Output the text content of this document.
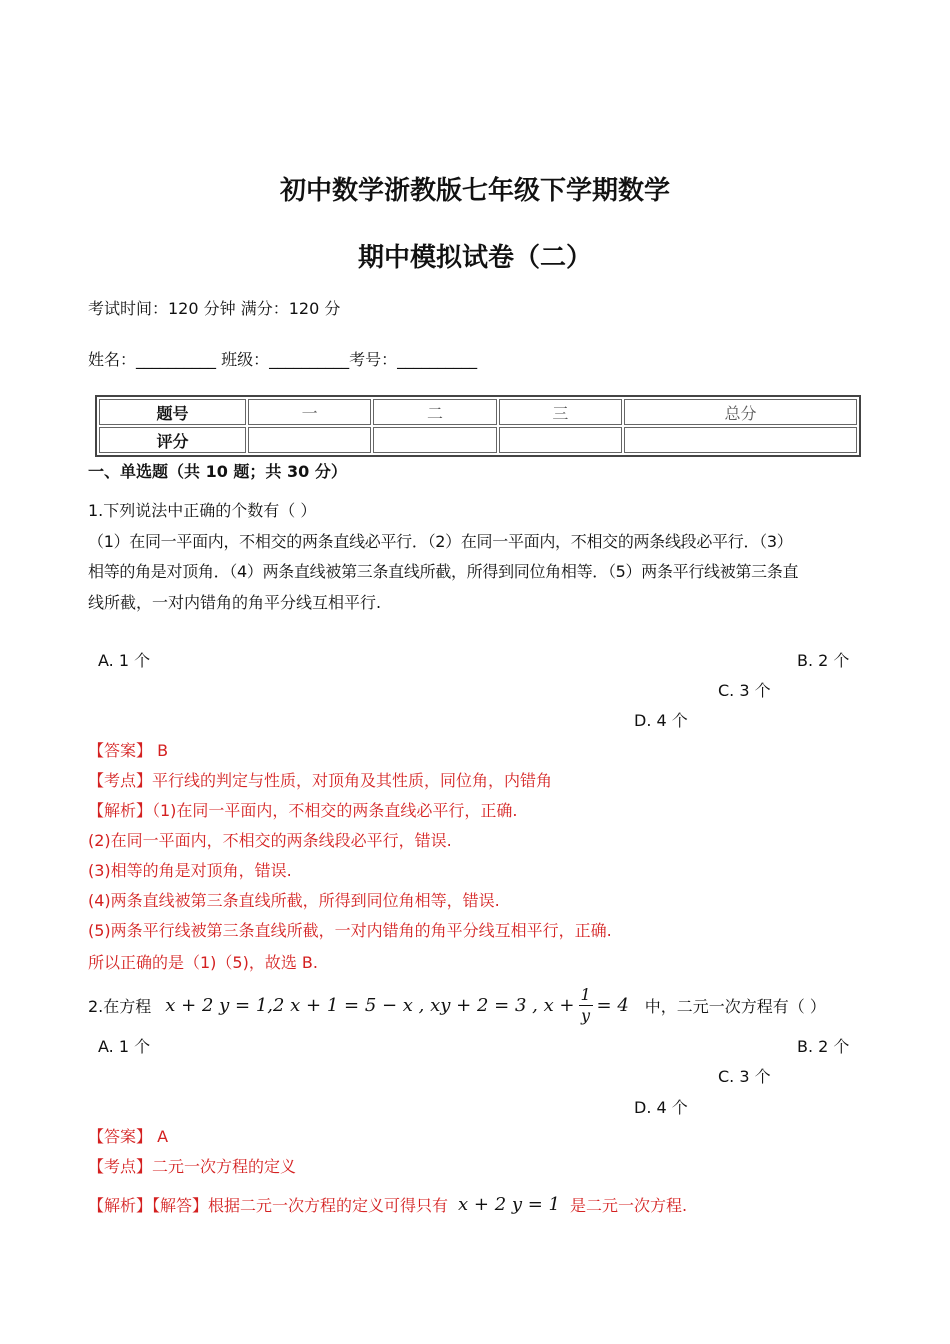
初中数学浙教版七年级下学期数学
期中模拟试卷（二）
考试时间：120 分钟 满分：120 分
姓名：__________ 班级：__________考号：__________
题号	一	二	三	总分
评分				
一、单选题（共 10 题；共 30 分）
1.下列说法中正确的个数有（ ）
（1）在同一平面内，不相交的两条直线必平行．（2）在同一平面内，不相交的两条线段必平行．（3）
相等的角是对顶角．（4）两条直线被第三条直线所截，所得到同位角相等．（5）两条平行线被第三条直
线所截，一对内错角的角平分线互相平行.
A. 1 个	B. 2 个
C. 3 个
D. 4 个
【答案】 B
【考点】平行线的判定与性质，对顶角及其性质，同位角，内错角
【解析】（1)在同一平面内，不相交的两条直线必平行，正确.
(2)在同一平面内，不相交的两条线段必平行，错误.
(3)相等的角是对顶角，错误.
(4)两条直线被第三条直线所截，所得到同位角相等，错误.
(5)两条平行线被第三条直线所截，一对内错角的角平分线互相平行，正确.
所以正确的是（1)（5)，故选 B.
2.在方程 x + 2 y = 1,2 x + 1 = 5 − x , xy + 2 = 3 , $x + \frac{1}{y} = 4$ 中，二元一次方程有（ ）
A. 1 个	B. 2 个
C. 3 个
D. 4 个
【答案】 A
【考点】二元一次方程的定义
【解析】【解答】根据二元一次方程的定义可得只有 x + 2 y = 1 是二元一次方程.
